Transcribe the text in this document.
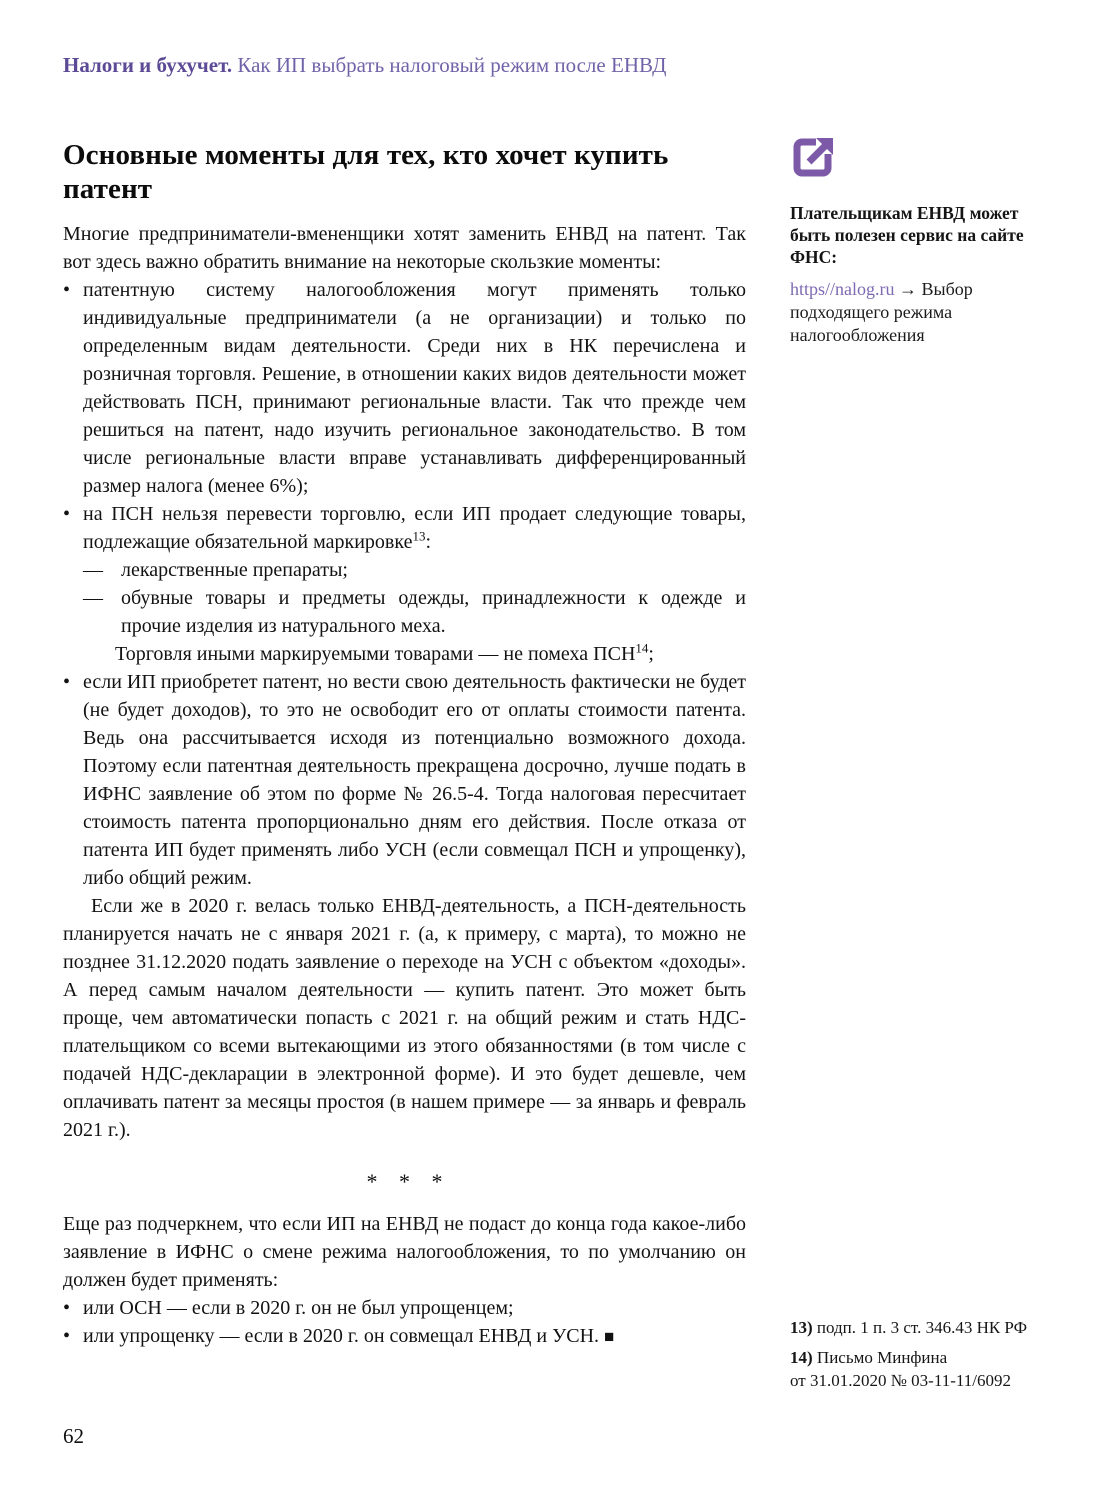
Налоги и бухучет. Как ИП выбрать налоговый режим после ЕНВД
Основные моменты для тех, кто хочет купить патент

Многие предприниматели-вмененщики хотят заменить ЕНВД на патент. Так вот здесь важно обратить внимание на некоторые скользкие моменты:

• патентную систему налогообложения могут применять только индивидуальные предприниматели (а не организации) и только по определенным видам деятельности. Среди них в НК перечислена и розничная торговля. Решение, в отношении каких видов деятельности может действовать ПСН, принимают региональные власти. Так что прежде чем решиться на патент, надо изучить региональное законодательство. В том числе региональные власти вправе устанавливать дифференцированный размер налога (менее 6%);
• на ПСН нельзя перевести торговлю, если ИП продает следующие товары, подлежащие обязательной маркировке$^{13}$:
— лекарственные препараты;
— обувные товары и предметы одежды, принадлежности к одежде и прочие изделия из натурального меха.

Торговля иными маркируемыми товарами — не помеха ПСН$^{14}$;

• если ИП приобретет патент, но вести свою деятельность фактически не будет (не будет доходов), то это не освободит его от оплаты стоимости патента. Ведь она рассчитывается исходя из потенциально возможного дохода. Поэтому если патентная деятельность прекращена досрочно, лучше подать в ИФНС заявление об этом по форме № 26.5-4. Тогда налоговая пересчитает стоимость патента пропорционально дням его действия. После отказа от патента ИП будет применять либо УСН (если совмещал ПСН и упрощенку), либо общий режим.

Если же в 2020 г. велась только ЕНВД-деятельность, а ПСН-деятельность планируется начать не с января 2021 г. (а, к примеру, с марта), то можно не позднее 31.12.2020 подать заявление о переходе на УСН с объектом «доходы». А перед самым началом деятельности — купить патент. Это может быть проще, чем автоматически попасть с 2021 г. на общий режим и стать НДС-плательщиком со всеми вытекающими из этого обязанностями (в том числе с подачей НДС-декларации в электронной форме). И это будет дешевле, чем оплачивать патент за месяцы простоя (в нашем примере — за январь и февраль 2021 г.).

* * *

Еще раз подчеркнем, что если ИП на ЕНВД не подаст до конца года какое-либо заявление в ИФНС о смене режима налогообложения, то по умолчанию он должен будет применять:

• или ОСН — если в 2020 г. он не был упрощенцем;
• или упрощенку — если в 2020 г. он совмещал ЕНВД и УСН. ■

Плательщикам ЕНВД может быть полезен сервис на сайте ФНС:

https//nalog.ru → Выбор подходящего режима налогообложения

13) подп. 1 п. 3 ст. 346.43 НК РФ

14) Письмо Минфина
от 31.01.2020 № 03-11-11/6092

62
